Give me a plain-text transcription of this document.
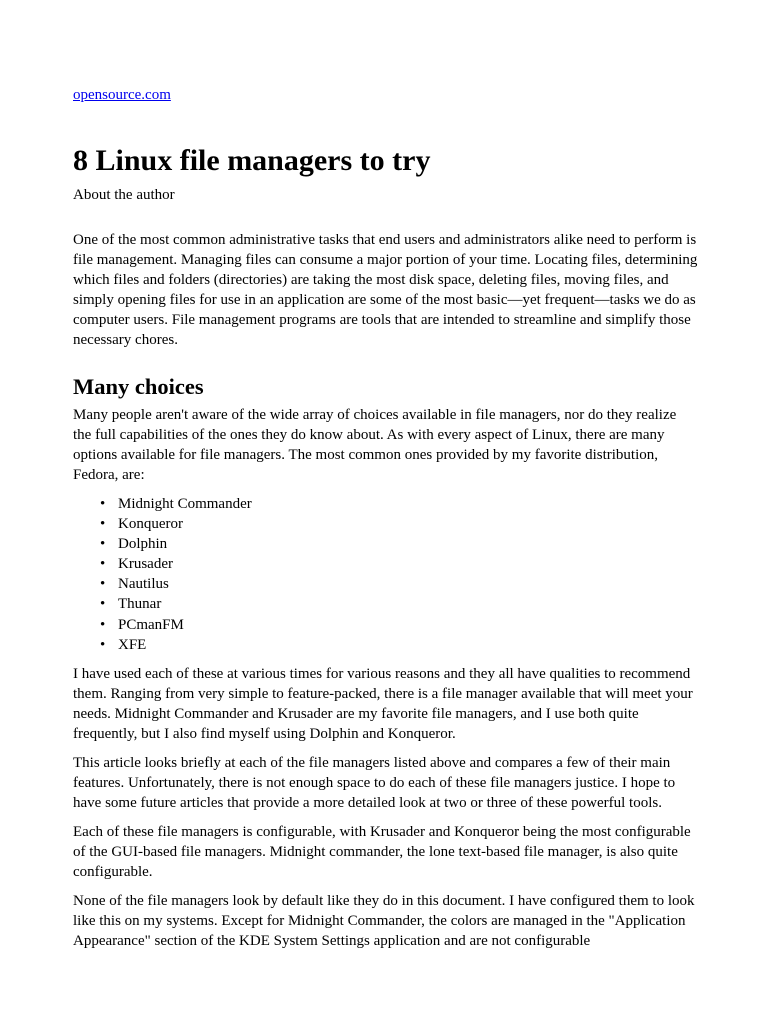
opensource.com
8 Linux file managers to try
About the author

One of the most common administrative tasks that end users and administrators alike need to perform is file management. Managing files can consume a major portion of your time. Locating files, determining which files and folders (directories) are taking the most disk space, deleting files, moving files, and simply opening files for use in an application are some of the most basic—yet frequent—tasks we do as computer users. File management programs are tools that are intended to streamline and simplify those necessary chores.

Many choices

Many people aren't aware of the wide array of choices available in file managers, nor do they realize the full capabilities of the ones they do know about. As with every aspect of Linux, there are many options available for file managers. The most common ones provided by my favorite distribution, Fedora, are:

• Midnight Commander
• Konqueror
• Dolphin
• Krusader
• Nautilus
• Thunar
• PCmanFM
• XFE

I have used each of these at various times for various reasons and they all have qualities to recommend them. Ranging from very simple to feature-packed, there is a file manager available that will meet your needs. Midnight Commander and Krusader are my favorite file managers, and I use both quite frequently, but I also find myself using Dolphin and Konqueror.

This article looks briefly at each of the file managers listed above and compares a few of their main features. Unfortunately, there is not enough space to do each of these file managers justice. I hope to have some future articles that provide a more detailed look at two or three of these powerful tools.

Each of these file managers is configurable, with Krusader and Konqueror being the most configurable of the GUI-based file managers. Midnight commander, the lone text-based file manager, is also quite configurable.

None of the file managers look by default like they do in this document. I have configured them to look like this on my systems. Except for Midnight Commander, the colors are managed in the "Application Appearance" section of the KDE System Settings application and are not configurable
